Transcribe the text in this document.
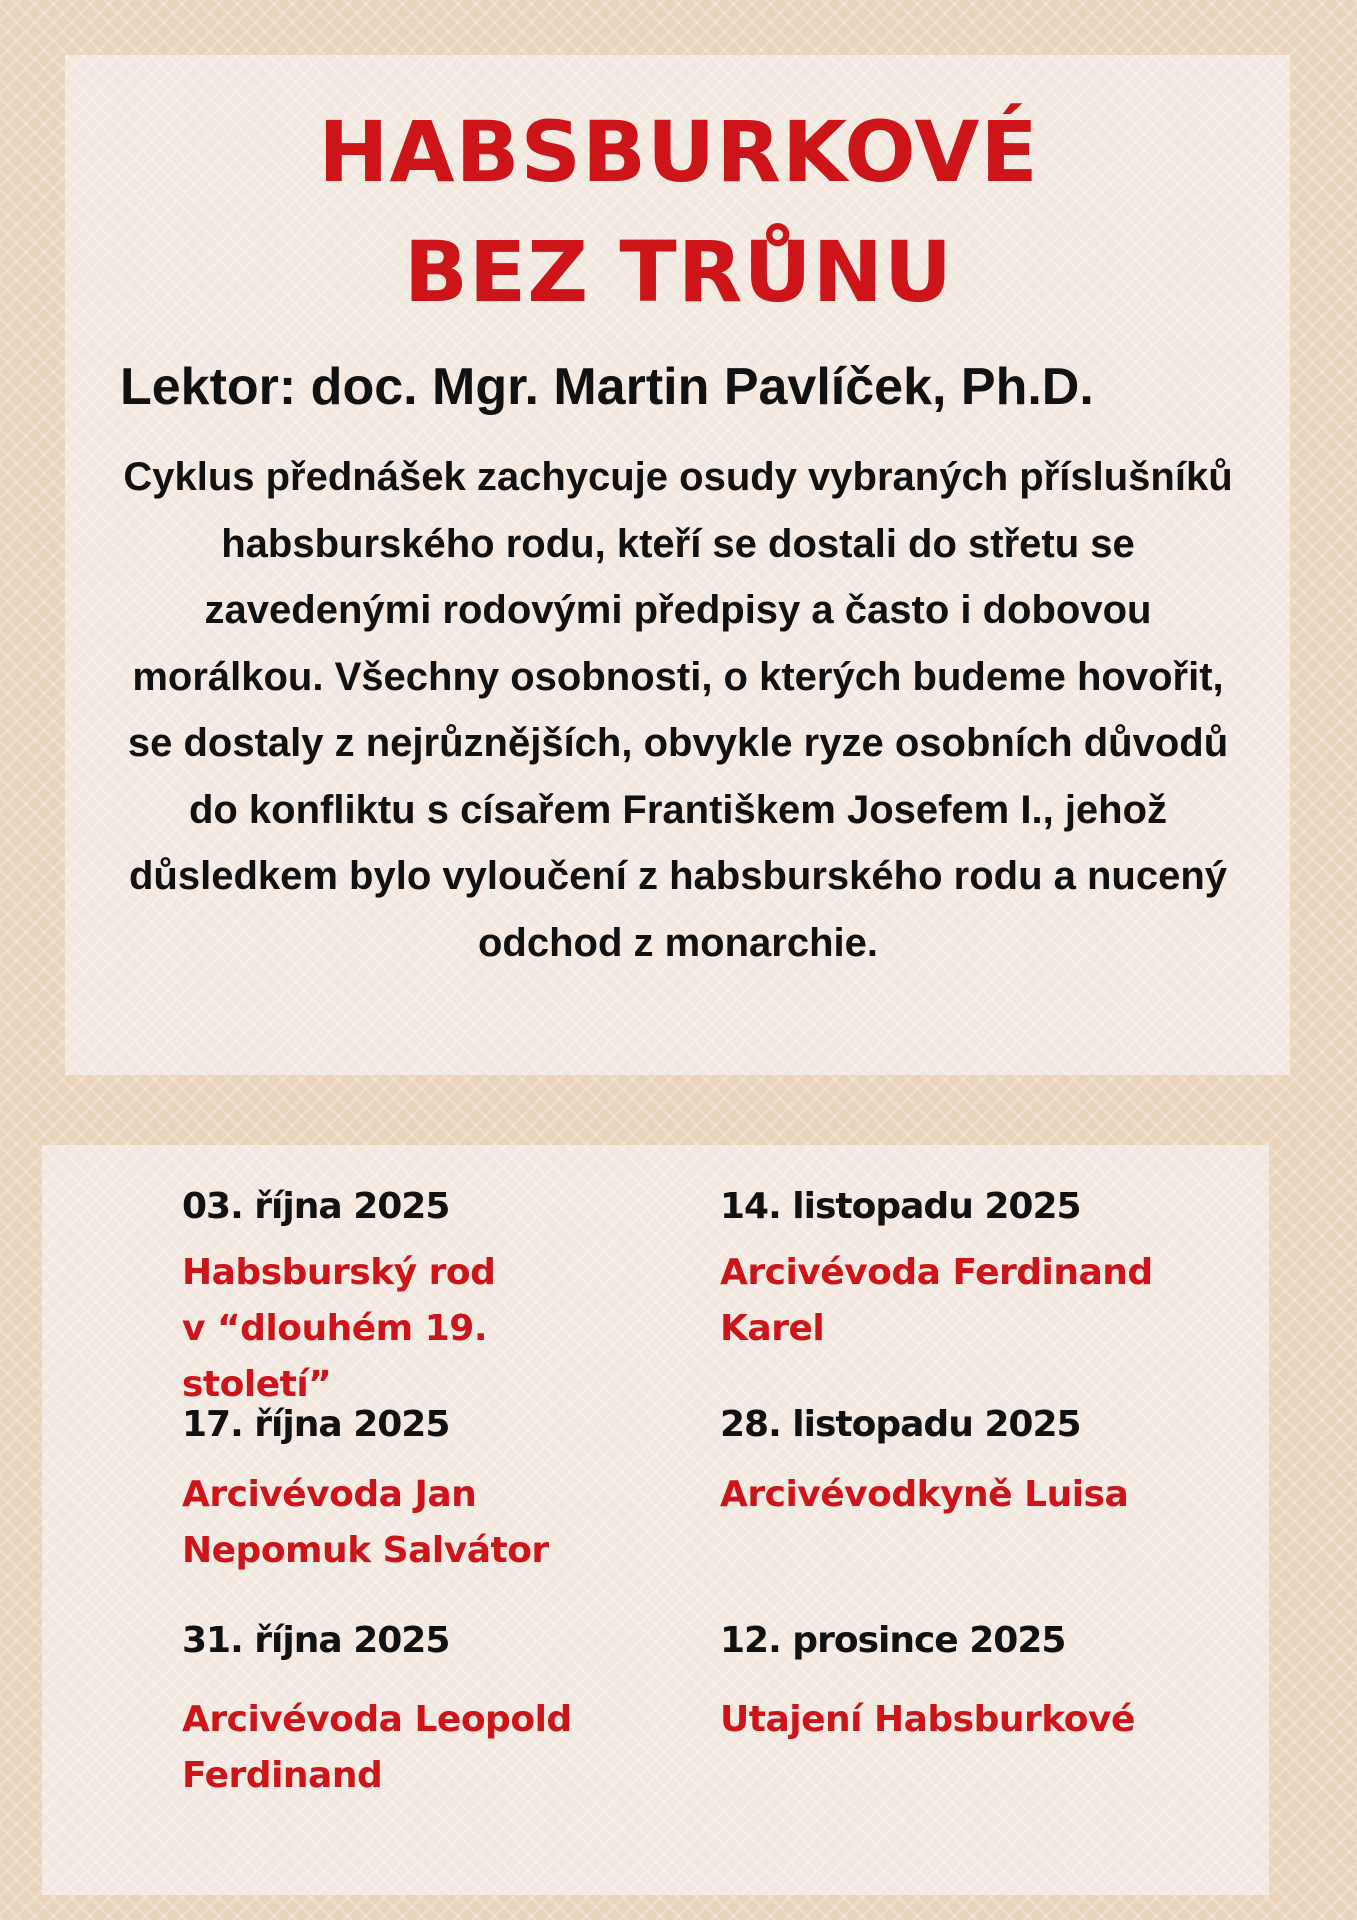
HABSBURKOVÉ
BEZ TRŮNU
Lektor: doc. Mgr. Martin Pavlíček, Ph.D.

Cyklus přednášek zachycuje osudy vybraných příslušníků habsburského rodu, kteří se dostali do střetu se zavedenými rodovými předpisy a často i dobovou morálkou. Všechny osobnosti, o kterých budeme hovořit, se dostaly z nejrůznějších, obvykle ryze osobních důvodů do konfliktu s císařem Františkem Josefem I., jehož důsledkem bylo vyloučení z habsburského rodu a nucený odchod z monarchie.

03. října 2025
Habsburský rod v “dlouhém 19. století”
14. listopadu 2025
Arcivévoda Ferdinand Karel
17. října 2025
Arcivévoda Jan Nepomuk Salvátor
28. listopadu 2025
Arcivévodkyně Luisa
31. října 2025
Arcivévoda Leopold Ferdinand
12. prosince 2025
Utajení Habsburkové
